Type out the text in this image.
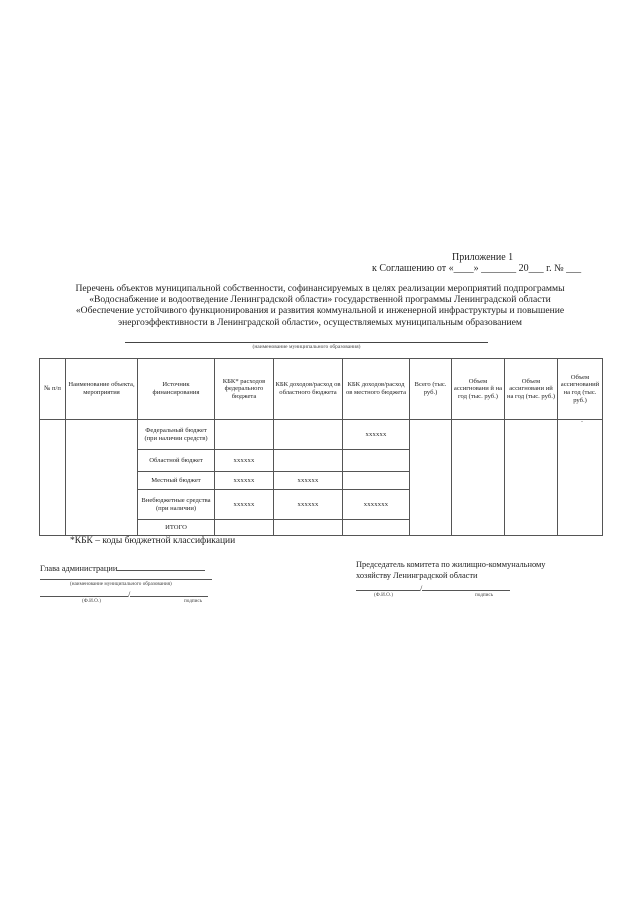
Приложение 1
к Соглашению от «____» _______ 20___ г. № ___
Перечень объектов муниципальной собственности, софинансируемых в целях реализации мероприятий подпрограммы
«Водоснабжение и водоотведение Ленинградской области» государственной программы Ленинградской области
«Обеспечение устойчивого функционирования и развития коммунальной и инженерной инфраструктуры и повышение
энергоэффективности в Ленинградской области», осуществляемых муниципальным образованием
(наименование муниципального образования)
№ п/п	Наименование объекта, мероприятия	Источник финансирования	КБК* расходов федерального бюджета	КБК доходов/расход ов областного бюджета	КБК доходов/расход ов местного бюджета	Всего (тыс. руб.)	Объем ассигновани й на год (тыс. руб.)	Объем ассигновани ий на год (тыс. руб.)	Объем ассигнований на год (тыс. руб.)
		Федеральный бюджет (при наличии средств)			xxxxxx				
		Областной бюджет	xxxxxx						
		Местный бюджет	xxxxxx	xxxxxx					
		Внебюджетные средства (при наличии)	xxxxxx	xxxxxx	xxxxxxx				
		ИТОГО							
-
*КБК – коды бюджетной классификации
Глава администрации
(наименование муниципального образования)
/
(Ф.И.О.)	подпись
Председатель комитета по жилищно-коммунальному
хозяйству Ленинградской области
/
(Ф.И.О.)	подпись
